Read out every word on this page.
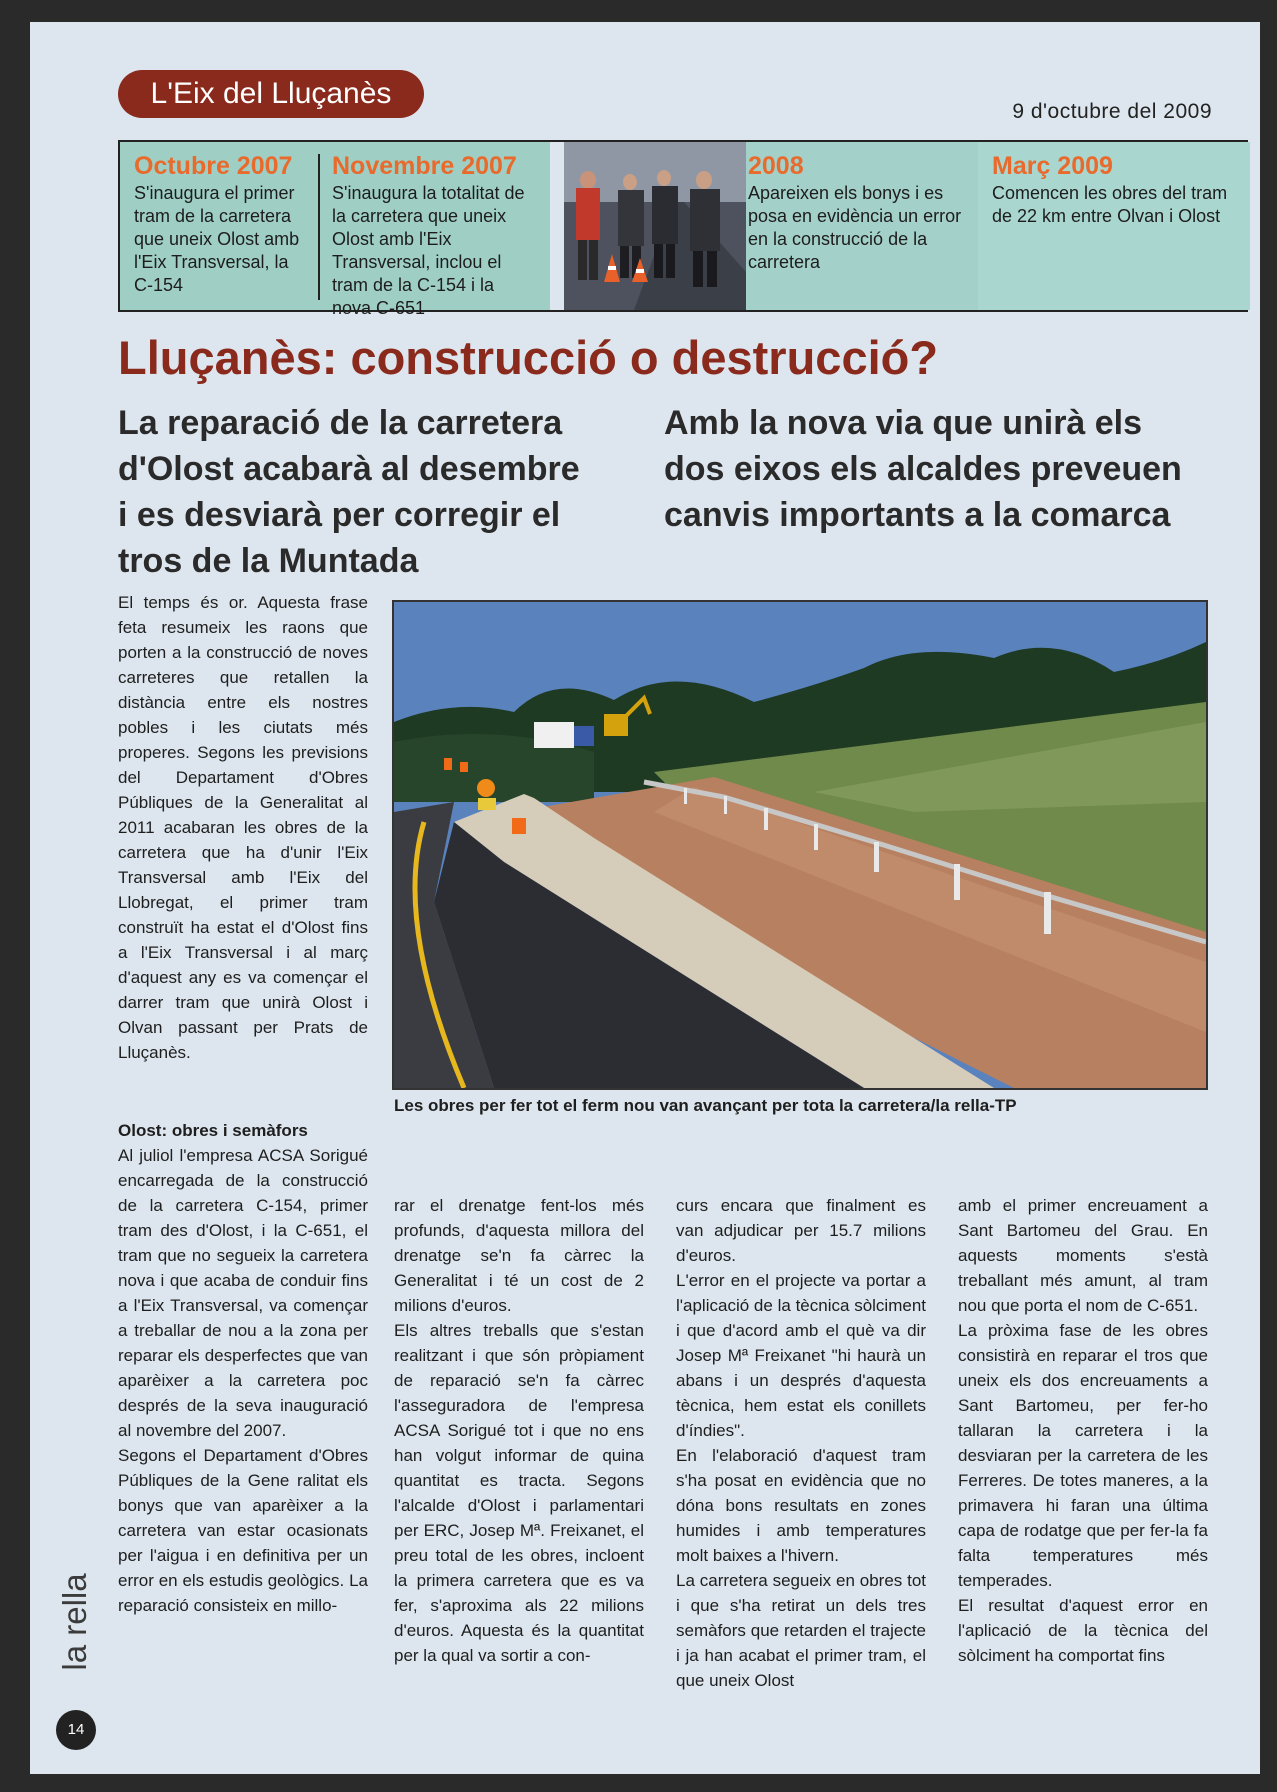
L'Eix del Lluçanès
9 d'octubre del 2009
Octubre 2007
S'inaugura el primer tram de la carretera que uneix Olost amb l'Eix Transversal, la C-154
Novembre 2007
S'inaugura la totalitat de la carretera que uneix Olost amb l'Eix Transversal, inclou el tram de la C-154 i la nova C-651
2008
Apareixen els bonys i es posa en evidència un error en la construcció de la carretera
Març 2009
Comencen les obres del tram de 22 km entre Olvan i Olost
Lluçanès: construcció o destrucció?
La reparació de la carretera d'Olost acabarà al desembre i es desviarà per corregir el tros de la Muntada
Amb la nova via que unirà els dos eixos els alcaldes preveuen canvis importants a la comarca
El temps és or. Aquesta frase feta resumeix les raons que porten a la construcció de noves carreteres que retallen la distància entre els nostres pobles i les ciutats més properes. Segons les previsions del Departament d'Obres Públiques de la Generalitat al 2011 acabaran les obres de la carretera que ha d'unir l'Eix Transversal amb l'Eix del Llobregat, el primer tram construït ha estat el d'Olost fins a l'Eix Transversal i al març d'aquest any es va començar el darrer tram que unirà Olost i Olvan passant per Prats de Lluçanès.
Les obres per fer tot el ferm nou van avançant per tota la carretera/la rella-TP

Olost: obres i semàfors

Al juliol l'empresa ACSA Sorigué encarregada de la construcció de la carretera C-154, primer tram des d'Olost, i la C-651, el tram que no segueix la carretera nova i que acaba de conduir fins a l'Eix Transversal, va començar a treballar de nou a la zona per reparar els desperfectes que van aparèixer a la carretera poc després de la seva inauguració al novembre del 2007.

Segons el Departament d'Obres Públiques de la Gene ralitat els bonys que van aparèixer a la carretera van estar ocasionats per l'aigua i en definitiva per un error en els estudis geològics. La reparació consisteix en millo-

rar el drenatge fent-los més profunds, d'aquesta millora del drenatge se'n fa càrrec la Generalitat i té un cost de 2 milions d'euros.

Els altres treballs que s'estan realitzant i que són pròpiament de reparació se'n fa càrrec l'asseguradora de l'empresa ACSA Sorigué tot i que no ens han volgut informar de quina quantitat es tracta. Segons l'alcalde d'Olost i parlamentari per ERC, Josep Mª. Freixanet, el preu total de les obres, incloent la primera carretera que es va fer, s'aproxima als 22 milions d'euros. Aquesta és la quantitat per la qual va sortir a con-

curs encara que finalment es van adjudicar per 15.7 milions d'euros.

L'error en el projecte va portar a l'aplicació de la tècnica sòlciment i que d'acord amb el què va dir Josep Mª Freixanet "hi haurà un abans i un després d'aquesta tècnica, hem estat els conillets d'índies".

En l'elaboració d'aquest tram s'ha posat en evidència que no dóna bons resultats en zones humides i amb temperatures molt baixes a l'hivern.

La carretera segueix en obres tot i que s'ha retirat un dels tres semàfors que retarden el trajecte i ja han acabat el primer tram, el que uneix Olost

amb el primer encreuament a Sant Bartomeu del Grau. En aquests moments s'està treballant més amunt, al tram nou que porta el nom de C-651.

La pròxima fase de les obres consistirà en reparar el tros que uneix els dos encreuaments a Sant Bartomeu, per fer-ho tallaran la carretera i la desviaran per la carretera de les Ferreres. De totes maneres, a la primavera hi faran una última capa de rodatge que per fer-la fa falta temperatures més temperades.

El resultat d'aquest error en l'aplicació de la tècnica del sòlciment ha comportat fins

la rella
14
